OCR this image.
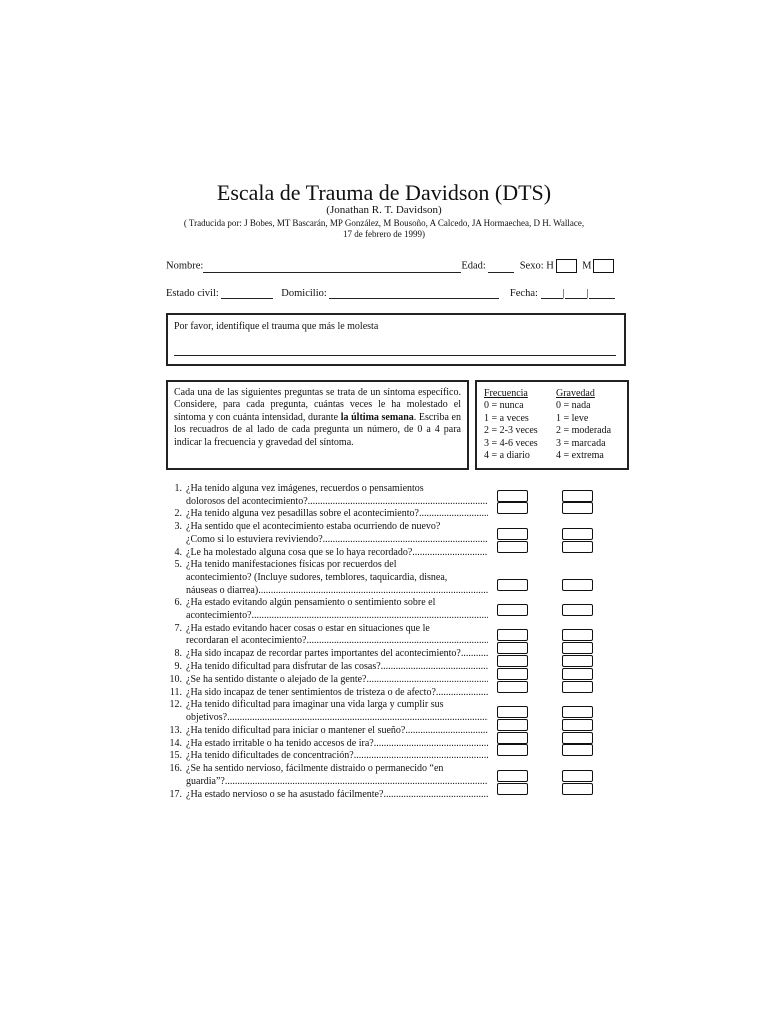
Escala de Trauma de Davidson (DTS)
(Jonathan R. T. Davidson)
( Traducida por: J Bobes, MT Bascarán, MP González, M Bousoño, A Calcedo, JA Hormaechea, D H. Wallace,
17 de febrero de 1999)
Nombre:	Edad:	Sexo: H	M
Estado civil:	Domicilio:	Fecha: | |
Por favor, identifique el trauma que más le molesta
Cada una de las siguientes preguntas se trata de un síntoma específico. Considere, para cada pregunta, cuántas veces le ha molestado el síntoma y con cuánta intensidad, durante la última semana. Escriba en los recuadros de al lado de cada pregunta un número, de 0 a 4 para indicar la frecuencia y gravedad del síntoma.
Frecuencia
0 = nunca
1 = a veces
2 = 2-3 veces
3 = 4-6 veces
4 = a diario
Gravedad
0 = nada
1 = leve
2 = moderada
3 = marcada
4 = extrema
1. ¿Ha tenido alguna vez imágenes, recuerdos o pensamientos
dolorosos del acontecimiento? .....
2. ¿Ha tenido alguna vez pesadillas sobre el acontecimiento? .....
3. ¿Ha sentido que el acontecimiento estaba ocurriendo de nuevo?
¿Como si lo estuviera reviviendo? .....
4. ¿Le ha molestado alguna cosa que se lo haya recordado? .....
5. ¿Ha tenido manifestaciones físicas por recuerdos del
acontecimiento? (Incluye sudores, temblores, taquicardia, disnea,
náuseas o diarrea) .....
6. ¿Ha estado evitando algún pensamiento o sentimiento sobre el
acontecimiento? .....
7. ¿Ha estado evitando hacer cosas o estar en situaciones que le
recordaran el acontecimiento? .....
8. ¿Ha sido incapaz de recordar partes importantes del acontecimiento? .....
9. ¿Ha tenido dificultad para disfrutar de las cosas? .....
10. ¿Se ha sentido distante o alejado de la gente? .....
11. ¿Ha sido incapaz de tener sentimientos de tristeza o de afecto? .....
12. ¿Ha tenido dificultad para imaginar una vida larga y cumplir sus
objetivos? .....
13. ¿Ha tenido dificultad para iniciar o mantener el sueño? .....
14. ¿Ha estado irritable o ha tenido accesos de ira? .....
15. ¿Ha tenido dificultades de concentración? .....
16. ¿Se ha sentido nervioso, fácilmente distraido o permanecido “en
guardia”? .....
17. ¿Ha estado nervioso o se ha asustado fácilmente? .....
